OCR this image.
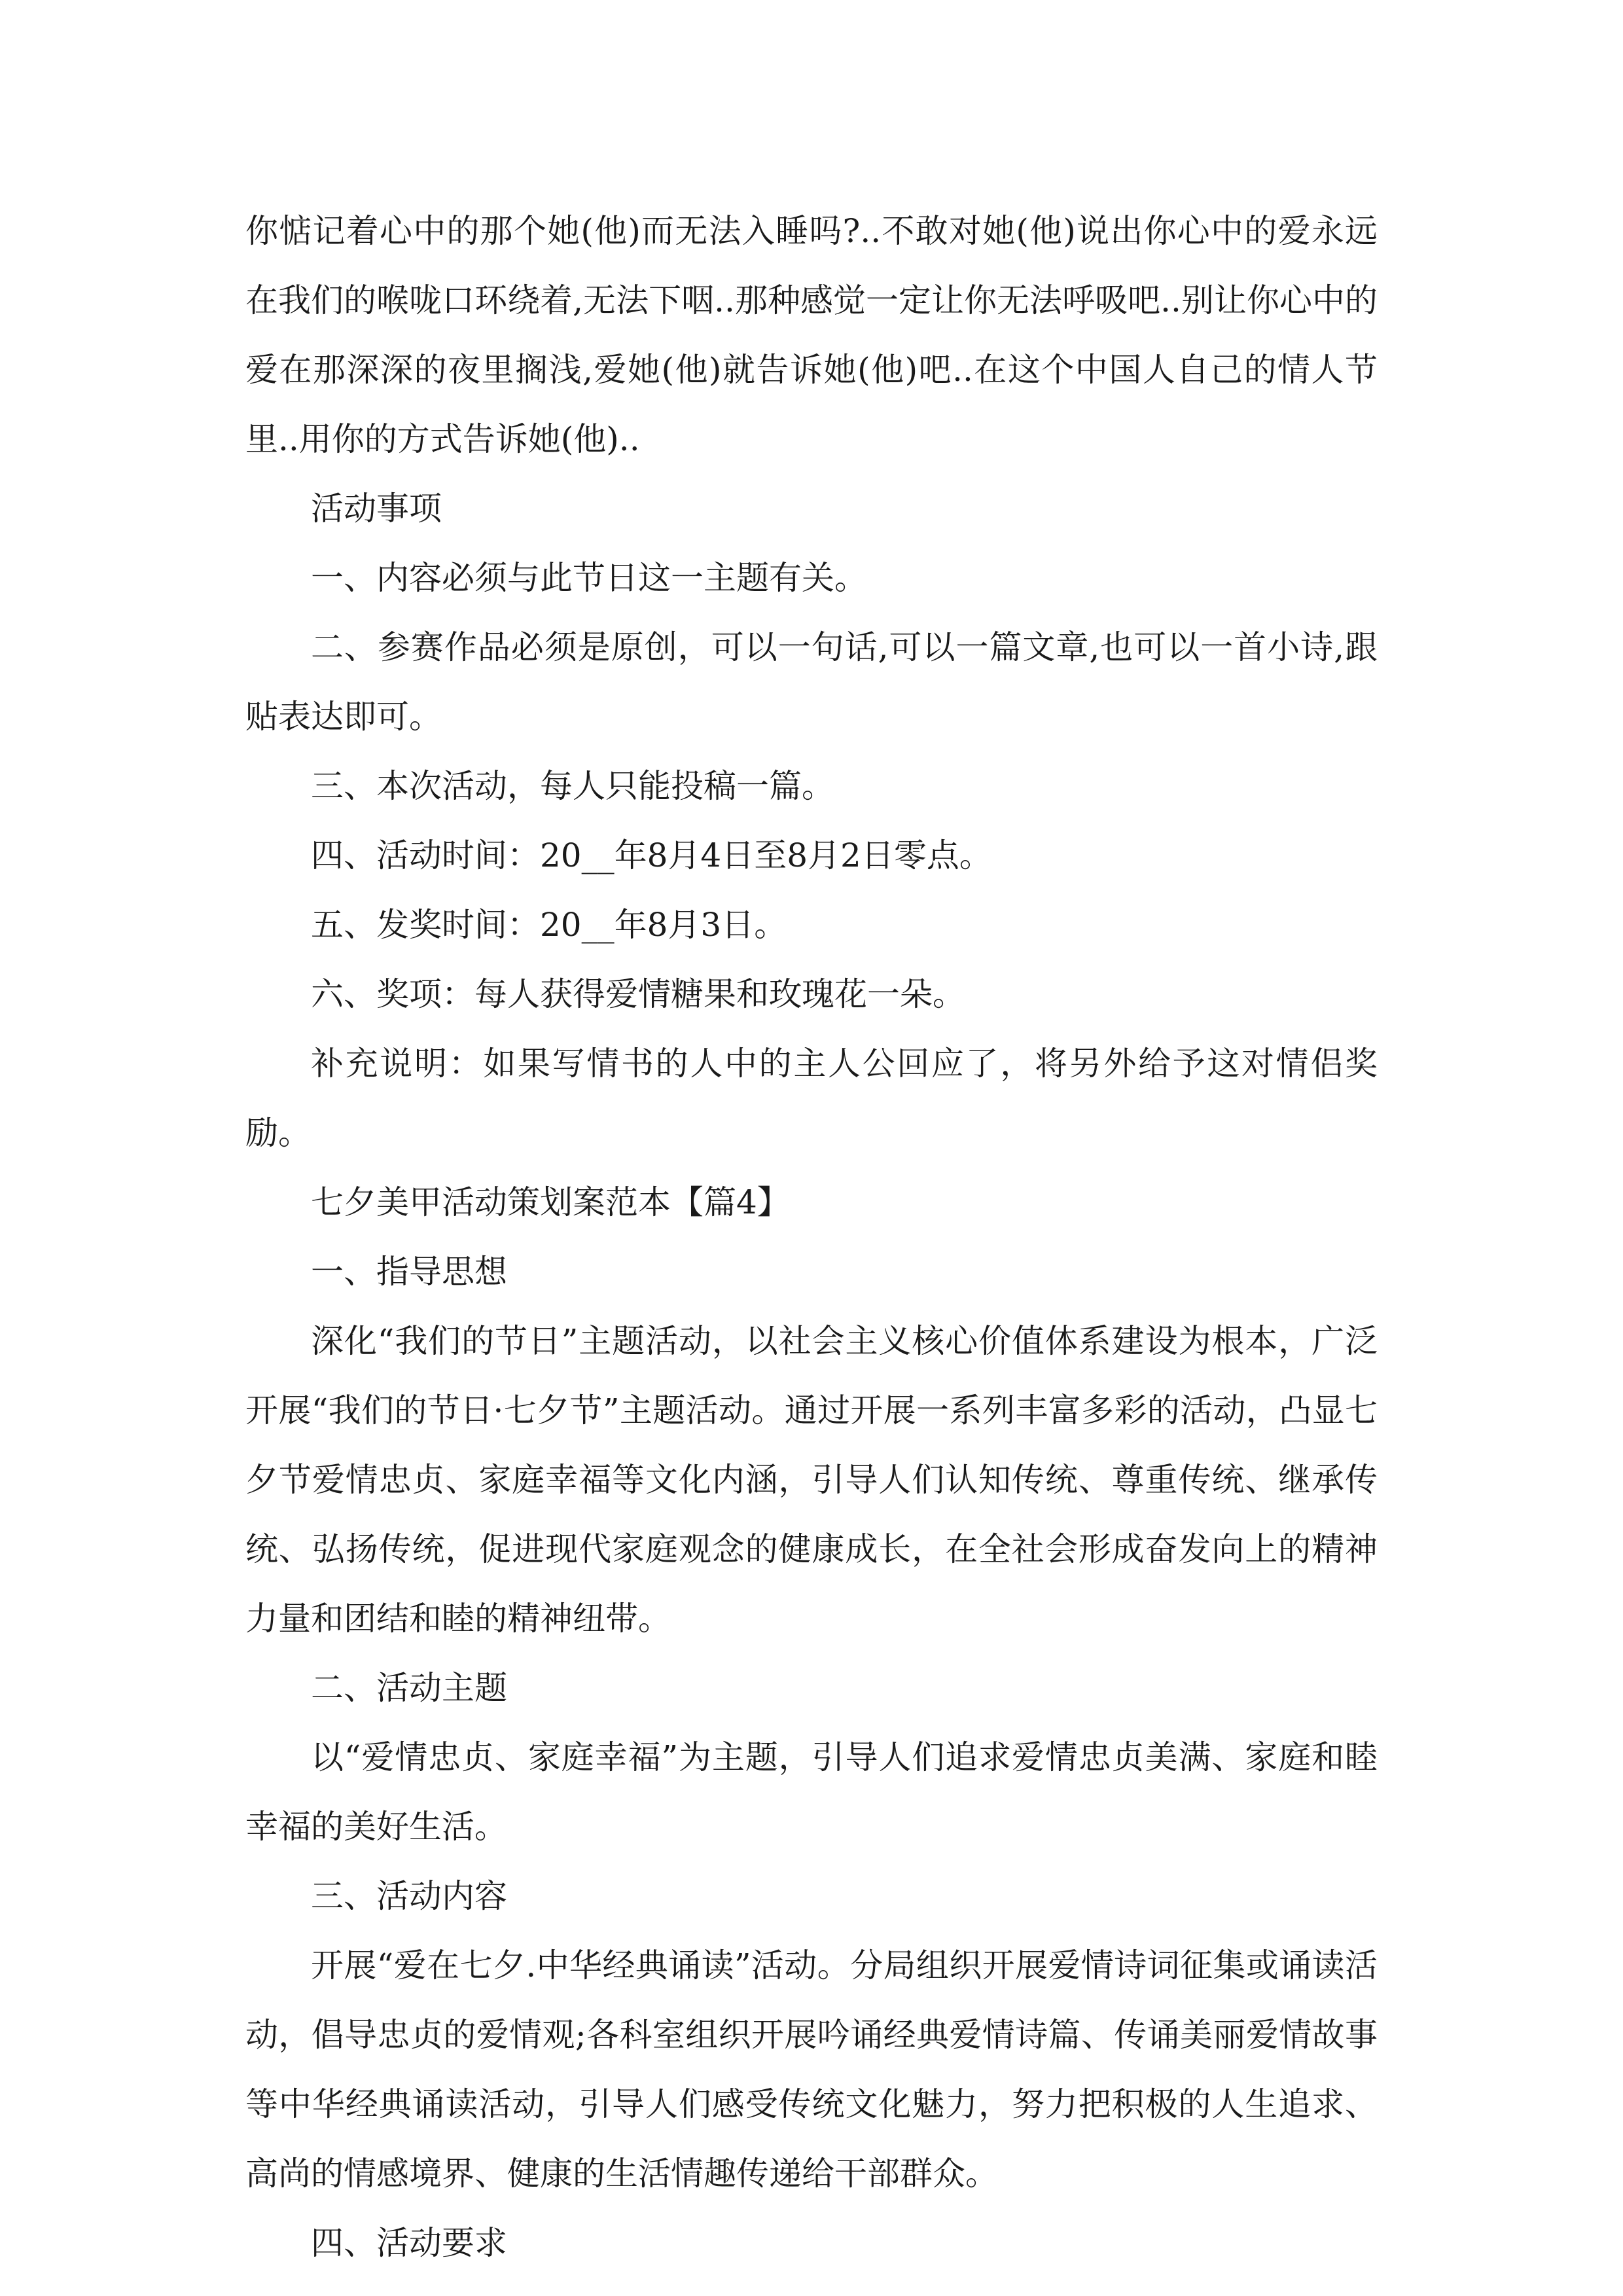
你惦记着心中的那个她(他)而无法入睡吗?..不敢对她(他)说出你心中的爱永远在我们的喉咙口环绕着,无法下咽..那种感觉一定让你无法呼吸吧..别让你心中的爱在那深深的夜里搁浅,爱她(他)就告诉她(他)吧..在这个中国人自己的情人节里..用你的方式告诉她(他)..

活动事项

一、内容必须与此节日这一主题有关。

二、参赛作品必须是原创，可以一句话,可以一篇文章,也可以一首小诗,跟贴表达即可。

三、本次活动，每人只能投稿一篇。

四、活动时间：20__年8月4日至8月2日零点。

五、发奖时间：20__年8月3日。

六、奖项：每人获得爱情糖果和玫瑰花一朵。

补充说明：如果写情书的人中的主人公回应了，将另外给予这对情侣奖励。

七夕美甲活动策划案范本【篇4】

一、指导思想

深化“我们的节日”主题活动，以社会主义核心价值体系建设为根本，广泛开展“我们的节日·七夕节”主题活动。通过开展一系列丰富多彩的活动，凸显七夕节爱情忠贞、家庭幸福等文化内涵，引导人们认知传统、尊重传统、继承传统、弘扬传统，促进现代家庭观念的健康成长，在全社会形成奋发向上的精神力量和团结和睦的精神纽带。

二、活动主题

以“爱情忠贞、家庭幸福”为主题，引导人们追求爱情忠贞美满、家庭和睦幸福的美好生活。

三、活动内容

开展“爱在七夕.中华经典诵读”活动。分局组织开展爱情诗词征集或诵读活动，倡导忠贞的爱情观;各科室组织开展吟诵经典爱情诗篇、传诵美丽爱情故事等中华经典诵读活动，引导人们感受传统文化魅力，努力把积极的人生追求、高尚的情感境界、健康的生活情趣传递给干部群众。

四、活动要求
